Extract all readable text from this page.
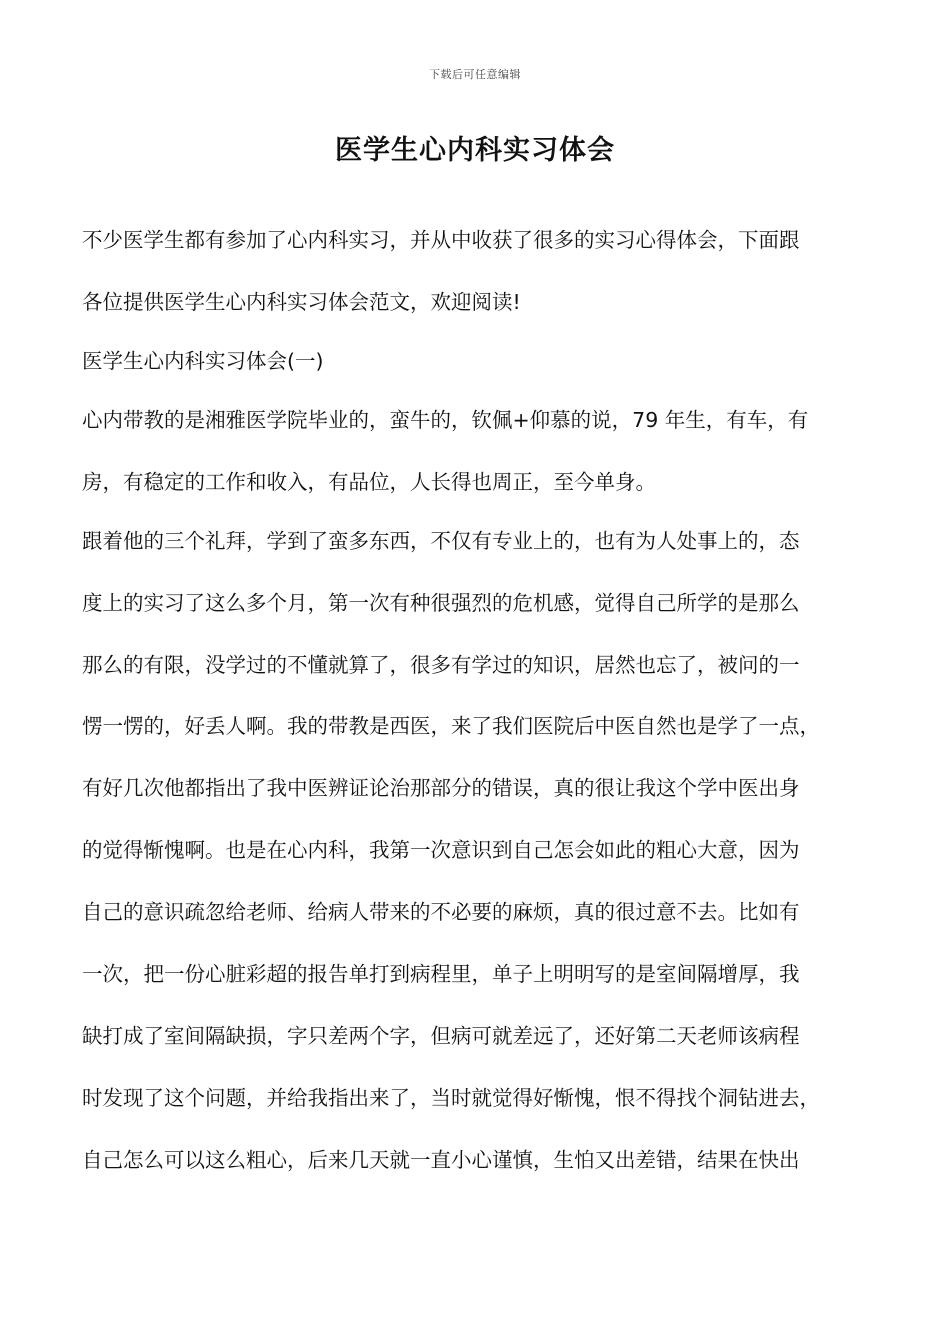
下载后可任意编辑
医学生心内科实习体会
不少医学生都有参加了心内科实习，并从中收获了很多的实习心得体会，下面跟
各位提供医学生心内科实习体会范文，欢迎阅读!
医学生心内科实习体会(一)
心内带教的是湘雅医学院毕业的，蛮牛的，钦佩+仰慕的说，79 年生，有车，有
房，有稳定的工作和收入，有品位，人长得也周正，至今单身。
跟着他的三个礼拜，学到了蛮多东西，不仅有专业上的，也有为人处事上的，态
度上的实习了这么多个月，第一次有种很强烈的危机感，觉得自己所学的是那么
那么的有限，没学过的不懂就算了，很多有学过的知识，居然也忘了，被问的一
愣一愣的，好丢人啊。我的带教是西医，来了我们医院后中医自然也是学了一点，
有好几次他都指出了我中医辨证论治那部分的错误，真的很让我这个学中医出身
的觉得惭愧啊。也是在心内科，我第一次意识到自己怎会如此的粗心大意，因为
自己的意识疏忽给老师、给病人带来的不必要的麻烦，真的很过意不去。比如有
一次，把一份心脏彩超的报告单打到病程里，单子上明明写的是室间隔增厚，我
缺打成了室间隔缺损，字只差两个字，但病可就差远了，还好第二天老师该病程
时发现了这个问题，并给我指出来了，当时就觉得好惭愧，恨不得找个洞钻进去，
自己怎么可以这么粗心，后来几天就一直小心谨慎，生怕又出差错，结果在快出
